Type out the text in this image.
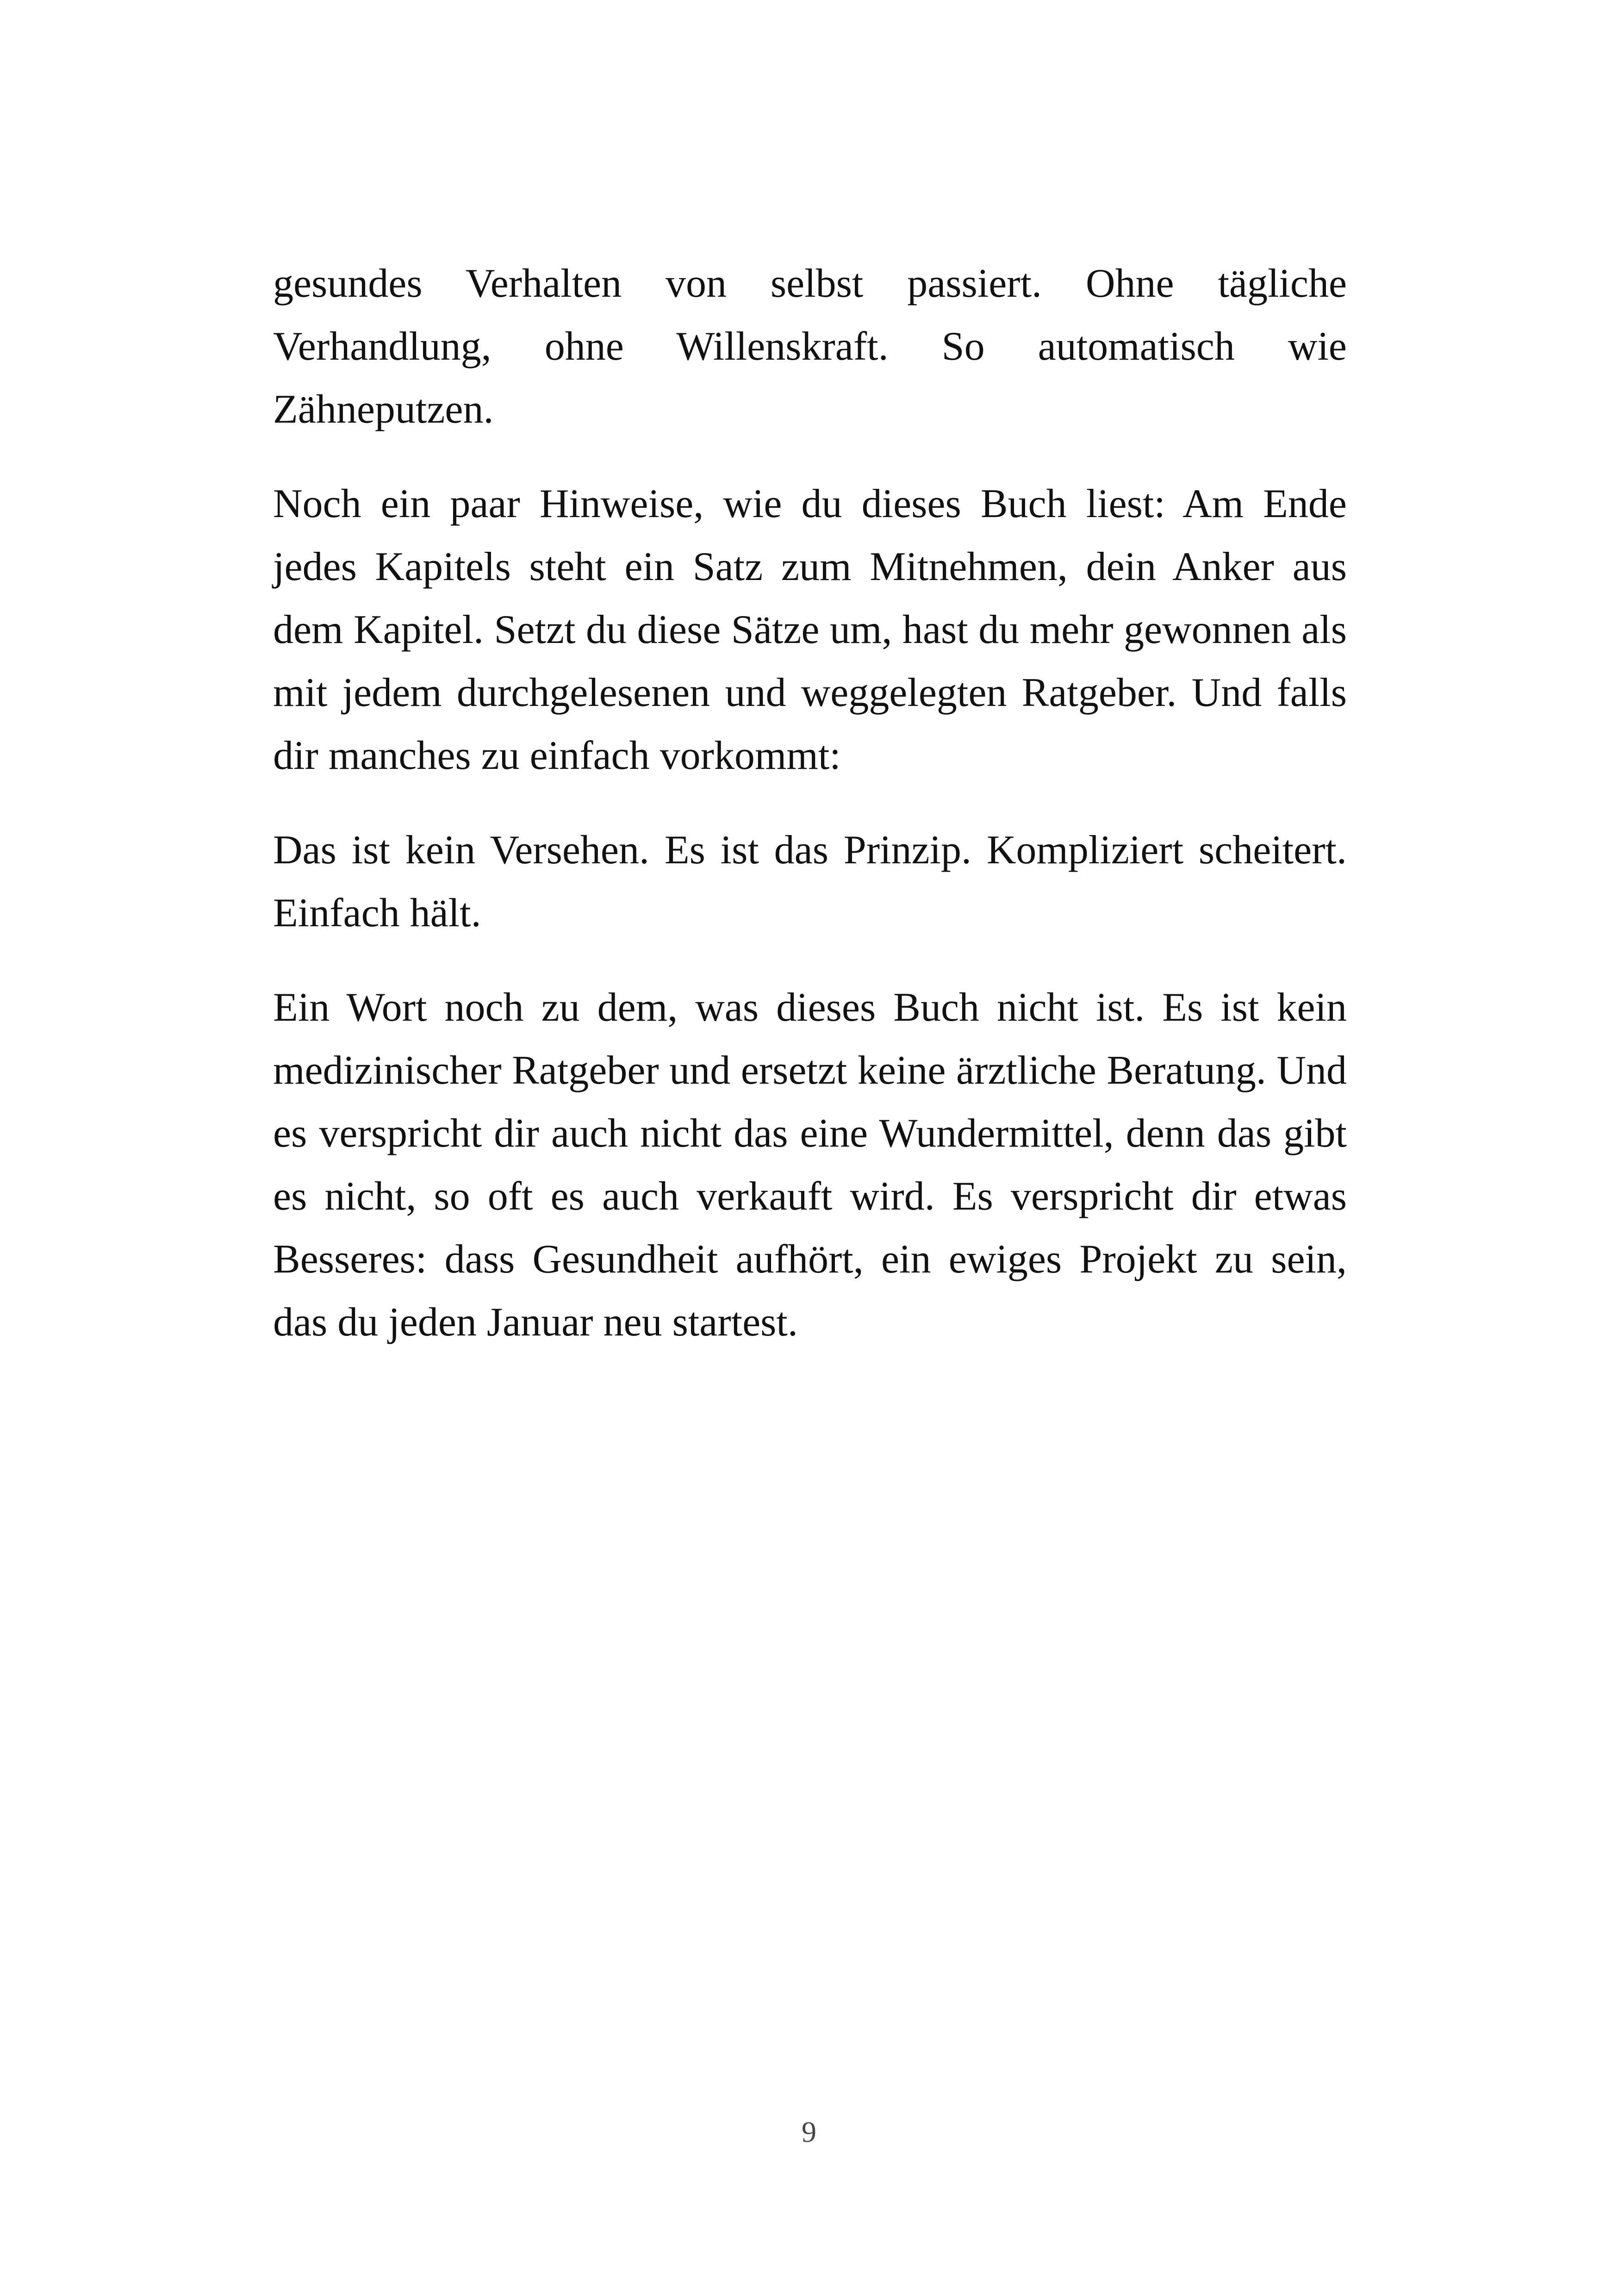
gesundes Verhalten von selbst passiert. Ohne tägliche Verhandlung, ohne Willenskraft. So automatisch wie Zähneputzen.

Noch ein paar Hinweise, wie du dieses Buch liest: Am Ende jedes Kapitels steht ein Satz zum Mitnehmen, dein Anker aus dem Kapitel. Setzt du diese Sätze um, hast du mehr gewonnen als mit jedem durchgelesenen und weggelegten Ratgeber. Und falls dir manches zu einfach vorkommt:

Das ist kein Versehen. Es ist das Prinzip. Kompliziert scheitert. Einfach hält.

Ein Wort noch zu dem, was dieses Buch nicht ist. Es ist kein medizinischer Ratgeber und ersetzt keine ärztliche Beratung. Und es verspricht dir auch nicht das eine Wundermittel, denn das gibt es nicht, so oft es auch verkauft wird. Es verspricht dir etwas Besseres: dass Gesundheit aufhört, ein ewiges Projekt zu sein, das du jeden Januar neu startest.

9
